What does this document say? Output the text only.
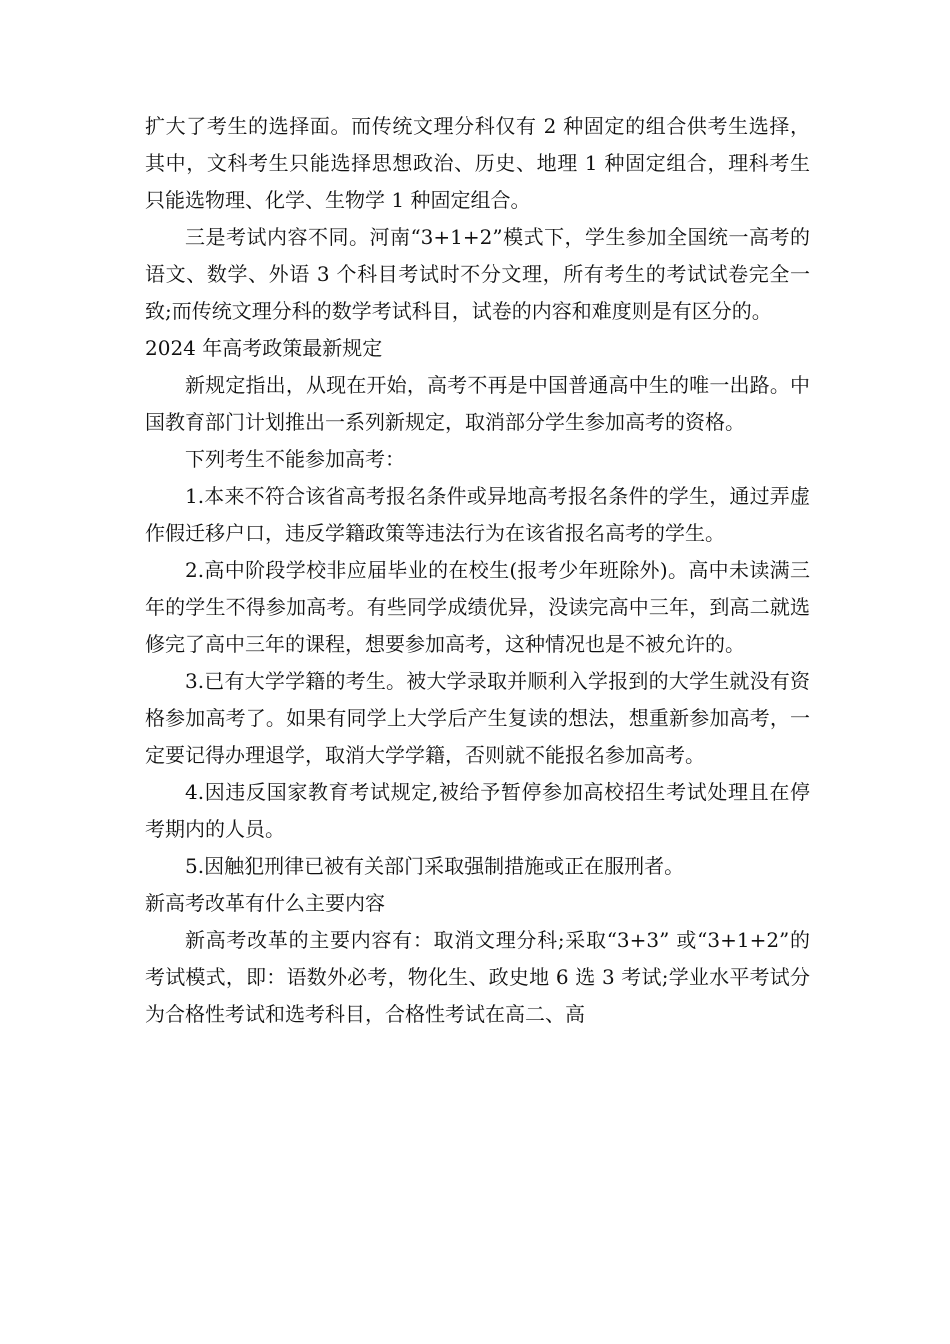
扩大了考生的选择面。而传统文理分科仅有 2 种固定的组合供考生选择，其中，文科考生只能选择思想政治、历史、地理 1 种固定组合，理科考生只能选物理、化学、生物学 1 种固定组合。

三是考试内容不同。河南“3+1+2”模式下，学生参加全国统一高考的语文、数学、外语 3 个科目考试时不分文理，所有考生的考试试卷完全一致;而传统文理分科的数学考试科目，试卷的内容和难度则是有区分的。

2024 年高考政策最新规定

新规定指出，从现在开始，高考不再是中国普通高中生的唯一出路。中国教育部门计划推出一系列新规定，取消部分学生参加高考的资格。

下列考生不能参加高考：

1.本来不符合该省高考报名条件或异地高考报名条件的学生，通过弄虚作假迁移户口，违反学籍政策等违法行为在该省报名高考的学生。

2.高中阶段学校非应届毕业的在校生(报考少年班除外)。高中未读满三年的学生不得参加高考。有些同学成绩优异，没读完高中三年，到高二就选修完了高中三年的课程，想要参加高考，这种情况也是不被允许的。

3.已有大学学籍的考生。被大学录取并顺利入学报到的大学生就没有资格参加高考了。如果有同学上大学后产生复读的想法，想重新参加高考，一定要记得办理退学，取消大学学籍，否则就不能报名参加高考。

4.因违反国家教育考试规定,被给予暂停参加高校招生考试处理且在停考期内的人员。

5.因触犯刑律已被有关部门采取强制措施或正在服刑者。

新高考改革有什么主要内容

新高考改革的主要内容有：取消文理分科;采取“3+3” 或“3+1+2”的考试模式，即：语数外必考，物化生、政史地 6 选 3 考试;学业水平考试分为合格性考试和选考科目，合格性考试在高二、高
